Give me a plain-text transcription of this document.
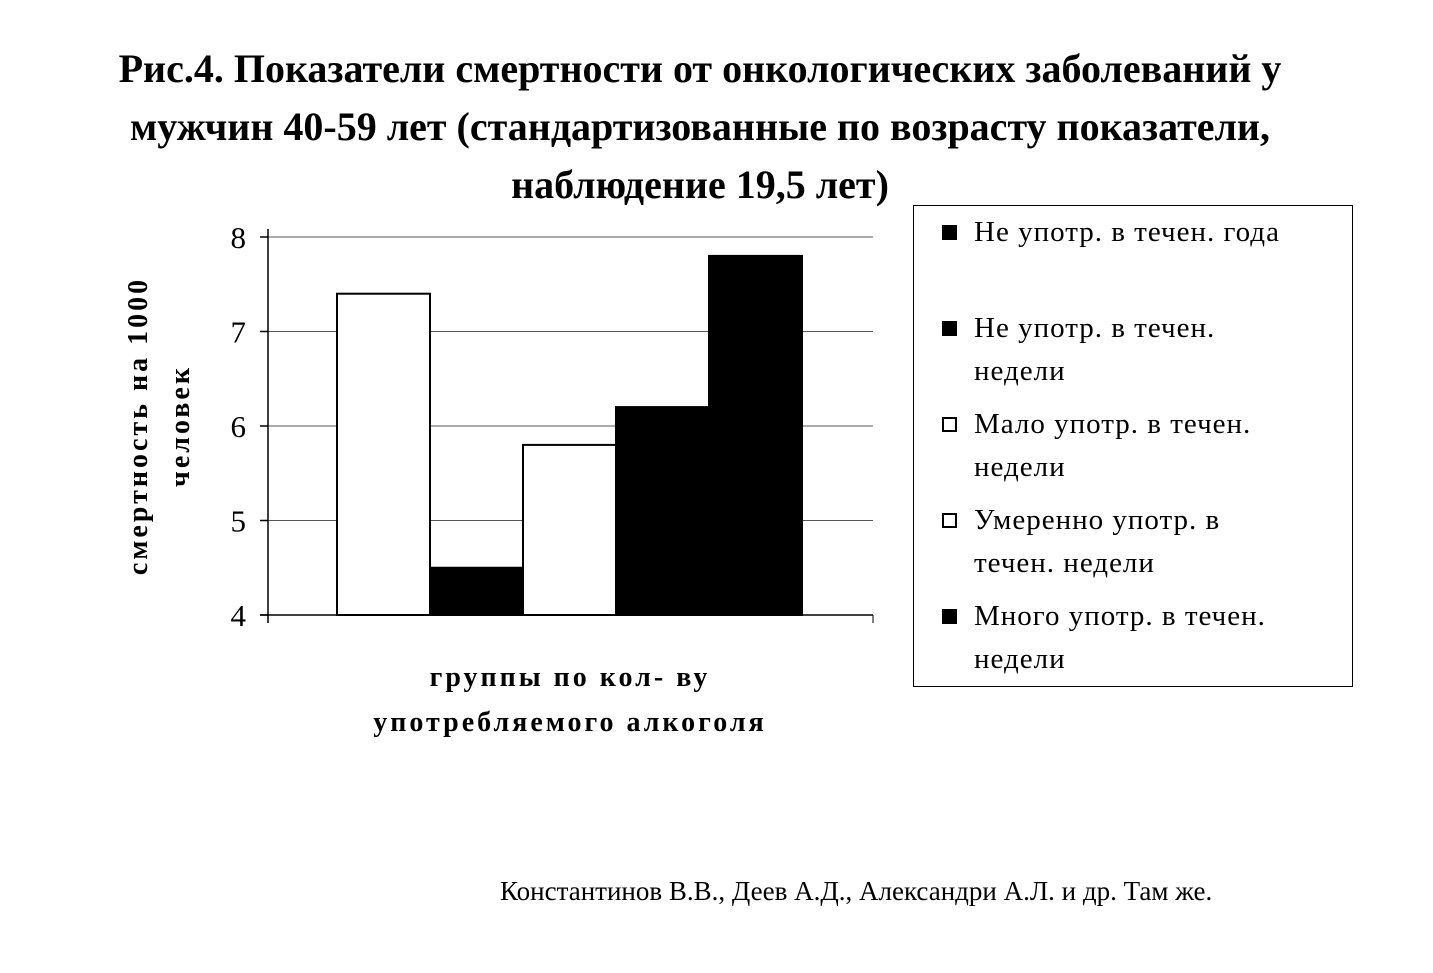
Рис.4. Показатели смертности от онкологических заболеваний у
мужчин 40-59 лет (стандартизованные по возрасту показатели,
наблюдение 19,5 лет)
4
5
6
7
8
смертность на 1000 человек
Не употр. в течен. года
Не употр. в течен.
недели
Мало употр. в течен.
недели
Умеренно употр. в
течен. недели
Много употр. в течен.
недели
группы по кол- ву
употребляемого алкоголя
Константинов В.В., Деев А.Д., Александри А.Л. и др. Там же.
